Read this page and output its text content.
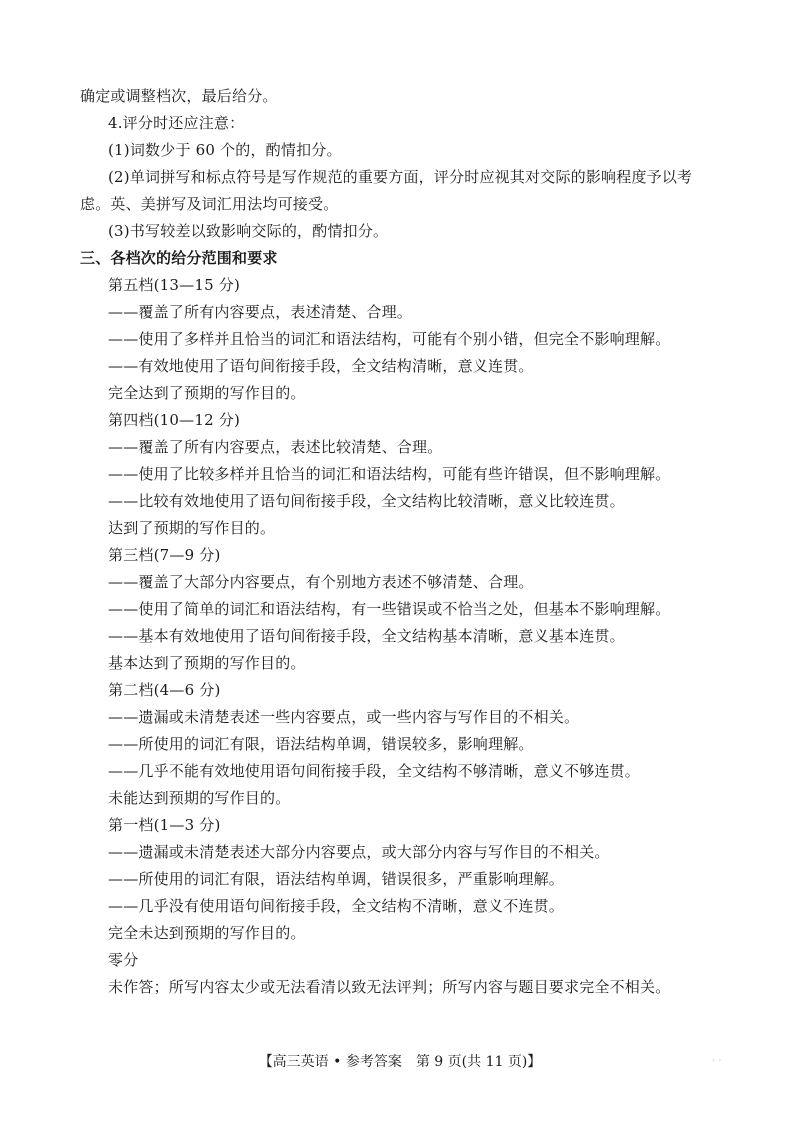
确定或调整档次，最后给分。
4.评分时还应注意：
(1)词数少于 60 个的，酌情扣分。
(2)单词拼写和标点符号是写作规范的重要方面，评分时应视其对交际的影响程度予以考
虑。英、美拼写及词汇用法均可接受。
(3)书写较差以致影响交际的，酌情扣分。
三、各档次的给分范围和要求
第五档(13—15 分)
——覆盖了所有内容要点，表述清楚、合理。
——使用了多样并且恰当的词汇和语法结构，可能有个别小错，但完全不影响理解。
——有效地使用了语句间衔接手段，全文结构清晰，意义连贯。
完全达到了预期的写作目的。
第四档(10—12 分)
——覆盖了所有内容要点，表述比较清楚、合理。
——使用了比较多样并且恰当的词汇和语法结构，可能有些许错误，但不影响理解。
——比较有效地使用了语句间衔接手段，全文结构比较清晰，意义比较连贯。
达到了预期的写作目的。
第三档(7—9 分)
——覆盖了大部分内容要点，有个别地方表述不够清楚、合理。
——使用了简单的词汇和语法结构，有一些错误或不恰当之处，但基本不影响理解。
——基本有效地使用了语句间衔接手段，全文结构基本清晰，意义基本连贯。
基本达到了预期的写作目的。
第二档(4—6 分)
——遗漏或未清楚表述一些内容要点，或一些内容与写作目的不相关。
——所使用的词汇有限，语法结构单调，错误较多，影响理解。
——几乎不能有效地使用语句间衔接手段，全文结构不够清晰，意义不够连贯。
未能达到预期的写作目的。
第一档(1—3 分)
——遗漏或未清楚表述大部分内容要点，或大部分内容与写作目的不相关。
——所使用的词汇有限，语法结构单调，错误很多，严重影响理解。
——几乎没有使用语句间衔接手段，全文结构不清晰，意义不连贯。
完全未达到预期的写作目的。
零分
未作答；所写内容太少或无法看清以致无法评判；所写内容与题目要求完全不相关。
【高三英语 • 参考答案　第 9 页(共 11 页)】	· ·
